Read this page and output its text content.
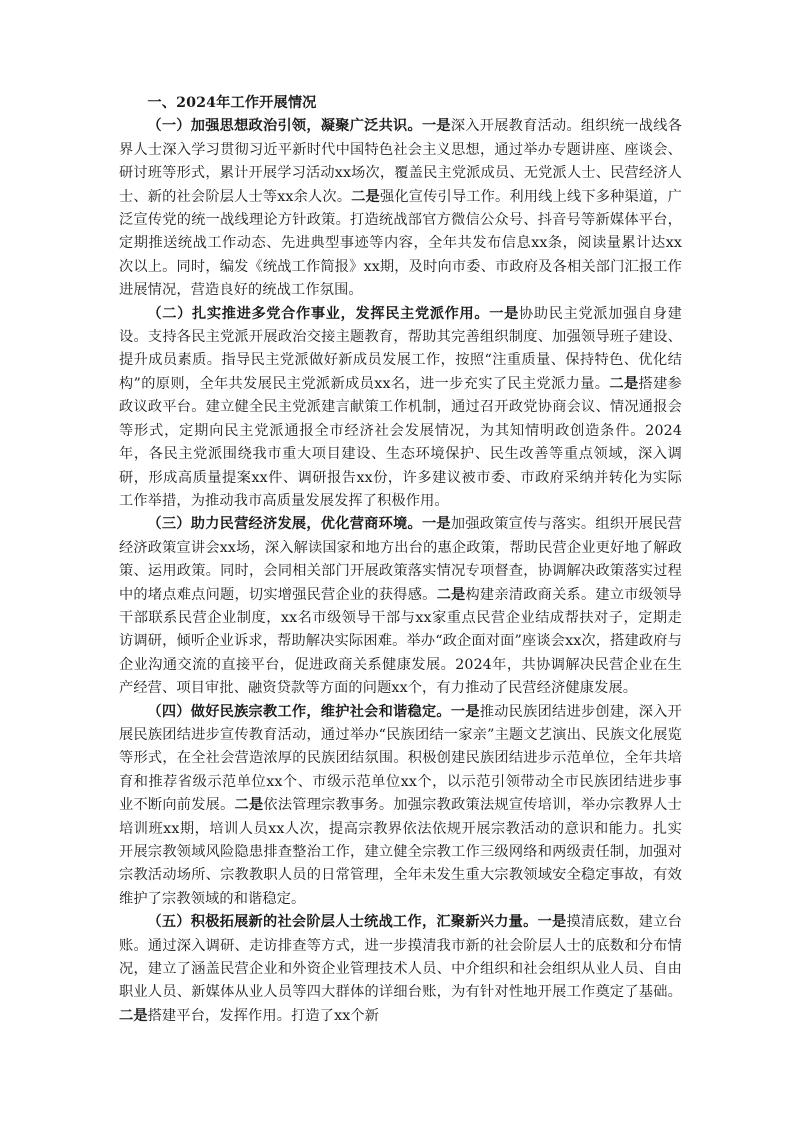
一、2024年工作开展情况

（一）加强思想政治引领，凝聚广泛共识。一是深入开展教育活动。组织统一战线各界人士深入学习贯彻习近平新时代中国特色社会主义思想，通过举办专题讲座、座谈会、研讨班等形式，累计开展学习活动xx场次，覆盖民主党派成员、无党派人士、民营经济人士、新的社会阶层人士等xx余人次。二是强化宣传引导工作。利用线上线下多种渠道，广泛宣传党的统一战线理论方针政策。打造统战部官方微信公众号、抖音号等新媒体平台，定期推送统战工作动态、先进典型事迹等内容，全年共发布信息xx条，阅读量累计达xx次以上。同时，编发《统战工作简报》xx期，及时向市委、市政府及各相关部门汇报工作进展情况，营造良好的统战工作氛围。

（二）扎实推进多党合作事业，发挥民主党派作用。一是协助民主党派加强自身建设。支持各民主党派开展政治交接主题教育，帮助其完善组织制度、加强领导班子建设、提升成员素质。指导民主党派做好新成员发展工作，按照“注重质量、保持特色、优化结构”的原则，全年共发展民主党派新成员xx名，进一步充实了民主党派力量。二是搭建参政议政平台。建立健全民主党派建言献策工作机制，通过召开政党协商会议、情况通报会等形式，定期向民主党派通报全市经济社会发展情况，为其知情明政创造条件。2024年，各民主党派围绕我市重大项目建设、生态环境保护、民生改善等重点领域，深入调研，形成高质量提案xx件、调研报告xx份，许多建议被市委、市政府采纳并转化为实际工作举措，为推动我市高质量发展发挥了积极作用。

（三）助力民营经济发展，优化营商环境。一是加强政策宣传与落实。组织开展民营经济政策宣讲会xx场，深入解读国家和地方出台的惠企政策，帮助民营企业更好地了解政策、运用政策。同时，会同相关部门开展政策落实情况专项督查，协调解决政策落实过程中的堵点难点问题，切实增强民营企业的获得感。二是构建亲清政商关系。建立市级领导干部联系民营企业制度，xx名市级领导干部与xx家重点民营企业结成帮扶对子，定期走访调研，倾听企业诉求，帮助解决实际困难。举办“政企面对面”座谈会xx次，搭建政府与企业沟通交流的直接平台，促进政商关系健康发展。2024年，共协调解决民营企业在生产经营、项目审批、融资贷款等方面的问题xx个，有力推动了民营经济健康发展。

（四）做好民族宗教工作，维护社会和谐稳定。一是推动民族团结进步创建，深入开展民族团结进步宣传教育活动，通过举办“民族团结一家亲”主题文艺演出、民族文化展览等形式，在全社会营造浓厚的民族团结氛围。积极创建民族团结进步示范单位，全年共培育和推荐省级示范单位xx个、市级示范单位xx个，以示范引领带动全市民族团结进步事业不断向前发展。二是依法管理宗教事务。加强宗教政策法规宣传培训，举办宗教界人士培训班xx期，培训人员xx人次，提高宗教界依法依规开展宗教活动的意识和能力。扎实开展宗教领域风险隐患排查整治工作，建立健全宗教工作三级网络和两级责任制，加强对宗教活动场所、宗教教职人员的日常管理，全年未发生重大宗教领域安全稳定事故，有效维护了宗教领域的和谐稳定。

（五）积极拓展新的社会阶层人士统战工作，汇聚新兴力量。一是摸清底数，建立台账。通过深入调研、走访排查等方式，进一步摸清我市新的社会阶层人士的底数和分布情况，建立了涵盖民营企业和外资企业管理技术人员、中介组织和社会组织从业人员、自由职业人员、新媒体从业人员等四大群体的详细台账，为有针对性地开展工作奠定了基础。二是搭建平台，发挥作用。打造了xx个新
